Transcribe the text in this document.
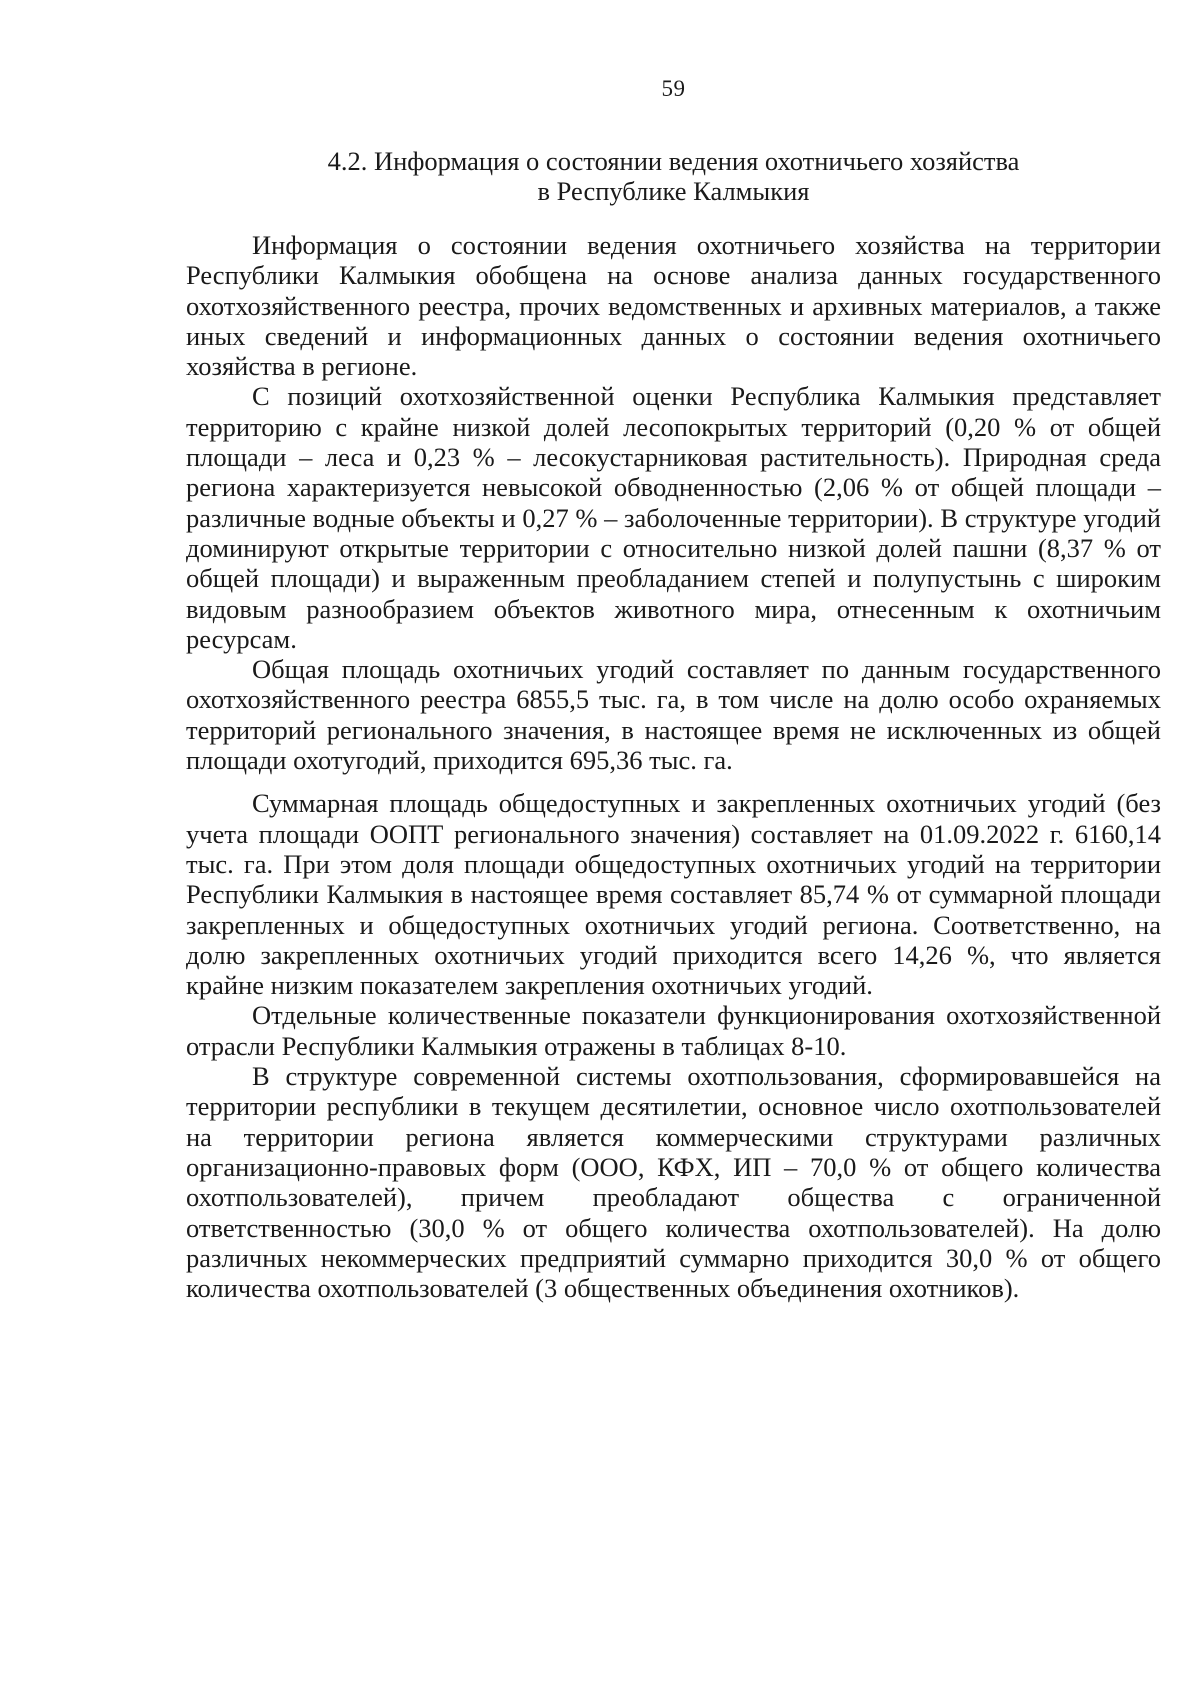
59
4.2. Информация о состоянии ведения охотничьего хозяйства
в Республике Калмыкия

Информация о состоянии ведения охотничьего хозяйства на территории Республики Калмыкия обобщена на основе анализа данных государственного охотхозяйственного реестра, прочих ведомственных и архивных материалов, а также иных сведений и информационных данных о состоянии ведения охотничьего хозяйства в регионе.

С позиций охотхозяйственной оценки Республика Калмыкия представляет территорию с крайне низкой долей лесопокрытых территорий (0,20 % от общей площади – леса и 0,23 % – лесокустарниковая растительность). Природная среда региона характеризуется невысокой обводненностью (2,06 % от общей площади – различные водные объекты и 0,27 % – заболоченные территории). В структуре угодий доминируют открытые территории с относительно низкой долей пашни (8,37 % от общей площади) и выраженным преобладанием степей и полупустынь с широким видовым разнообразием объектов животного мира, отнесенным к охотничьим ресурсам.

Общая площадь охотничьих угодий составляет по данным государственного охотхозяйственного реестра 6855,5 тыс. га, в том числе на долю особо охраняемых территорий регионального значения, в настоящее время не исключенных из общей площади охотугодий, приходится 695,36 тыс. га.

Суммарная площадь общедоступных и закрепленных охотничьих угодий (без учета площади ООПТ регионального значения) составляет на 01.09.2022 г. 6160,14 тыс. га. При этом доля площади общедоступных охотничьих угодий на территории Республики Калмыкия в настоящее время составляет 85,74 % от суммарной площади закрепленных и общедоступных охотничьих угодий региона. Соответственно, на долю закрепленных охотничьих угодий приходится всего 14,26 %, что является крайне низким показателем закрепления охотничьих угодий.

Отдельные количественные показатели функционирования охотхозяйственной отрасли Республики Калмыкия отражены в таблицах 8-10.

В структуре современной системы охотпользования, сформировавшейся на территории республики в текущем десятилетии, основное число охотпользователей на территории региона является коммерческими структурами различных организационно-правовых форм (ООО, КФХ, ИП – 70,0 % от общего количества охотпользователей), причем преобладают общества с ограниченной ответственностью (30,0 % от общего количества охотпользователей). На долю различных некоммерческих предприятий суммарно приходится 30,0 % от общего количества охотпользователей (3 общественных объединения охотников).
